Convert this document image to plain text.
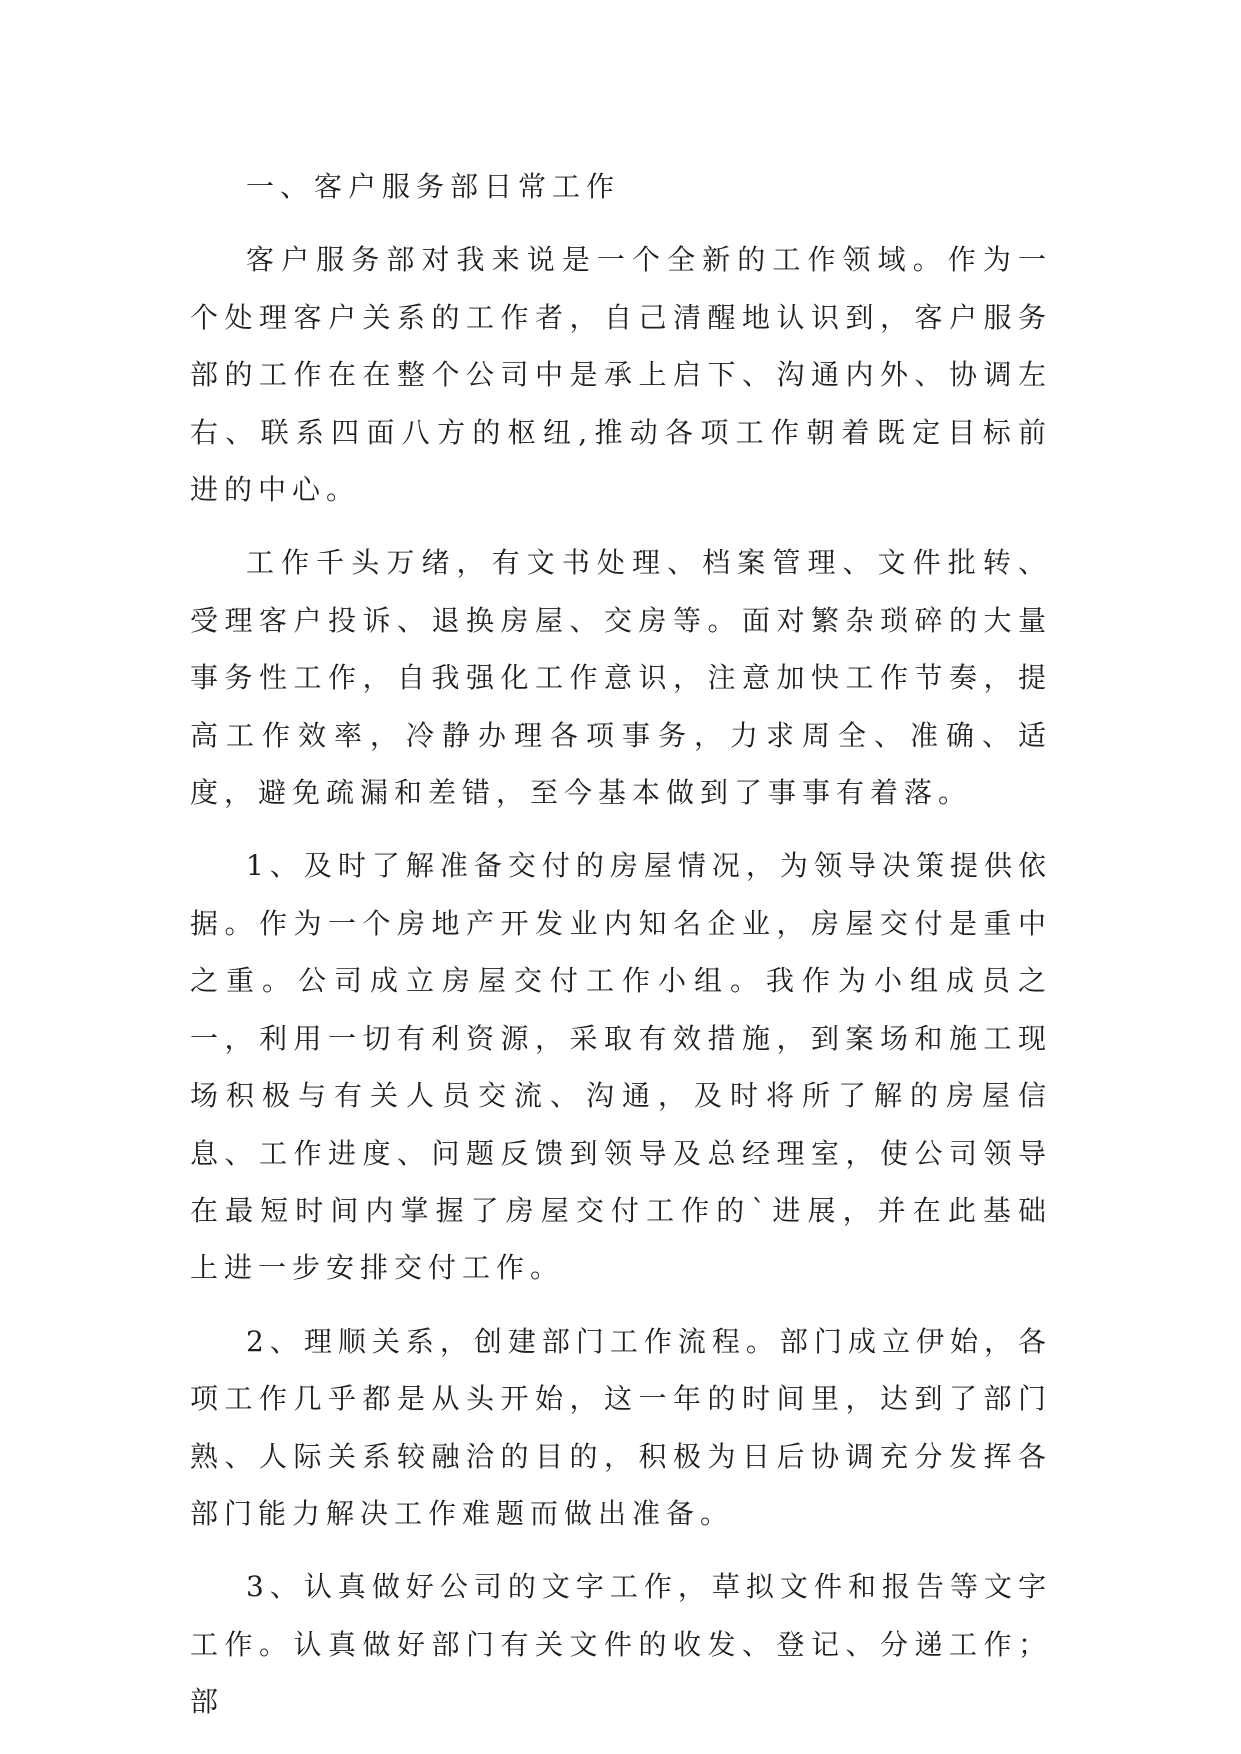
一、客户服务部日常工作

客户服务部对我来说是一个全新的工作领域。作为一个处理客户关系的工作者，自己清醒地认识到，客户服务部的工作在在整个公司中是承上启下、沟通内外、协调左右、联系四面八方的枢纽,推动各项工作朝着既定目标前进的中心。

工作千头万绪，有文书处理、档案管理、文件批转、受理客户投诉、退换房屋、交房等。面对繁杂琐碎的大量事务性工作，自我强化工作意识，注意加快工作节奏，提高工作效率，冷静办理各项事务，力求周全、准确、适度，避免疏漏和差错，至今基本做到了事事有着落。

1、及时了解准备交付的房屋情况，为领导决策提供依据。作为一个房地产开发业内知名企业，房屋交付是重中之重。公司成立房屋交付工作小组。我作为小组成员之一，利用一切有利资源，采取有效措施，到案场和施工现场积极与有关人员交流、沟通，及时将所了解的房屋信息、工作进度、问题反馈到领导及总经理室，使公司领导在最短时间内掌握了房屋交付工作的`进展，并在此基础上进一步安排交付工作。

2、理顺关系，创建部门工作流程。部门成立伊始，各项工作几乎都是从头开始，这一年的时间里，达到了部门熟、人际关系较融洽的目的，积极为日后协调充分发挥各部门能力解决工作难题而做出准备。

3、认真做好公司的文字工作，草拟文件和报告等文字工作。认真做好部门有关文件的收发、登记、分递工作；部
